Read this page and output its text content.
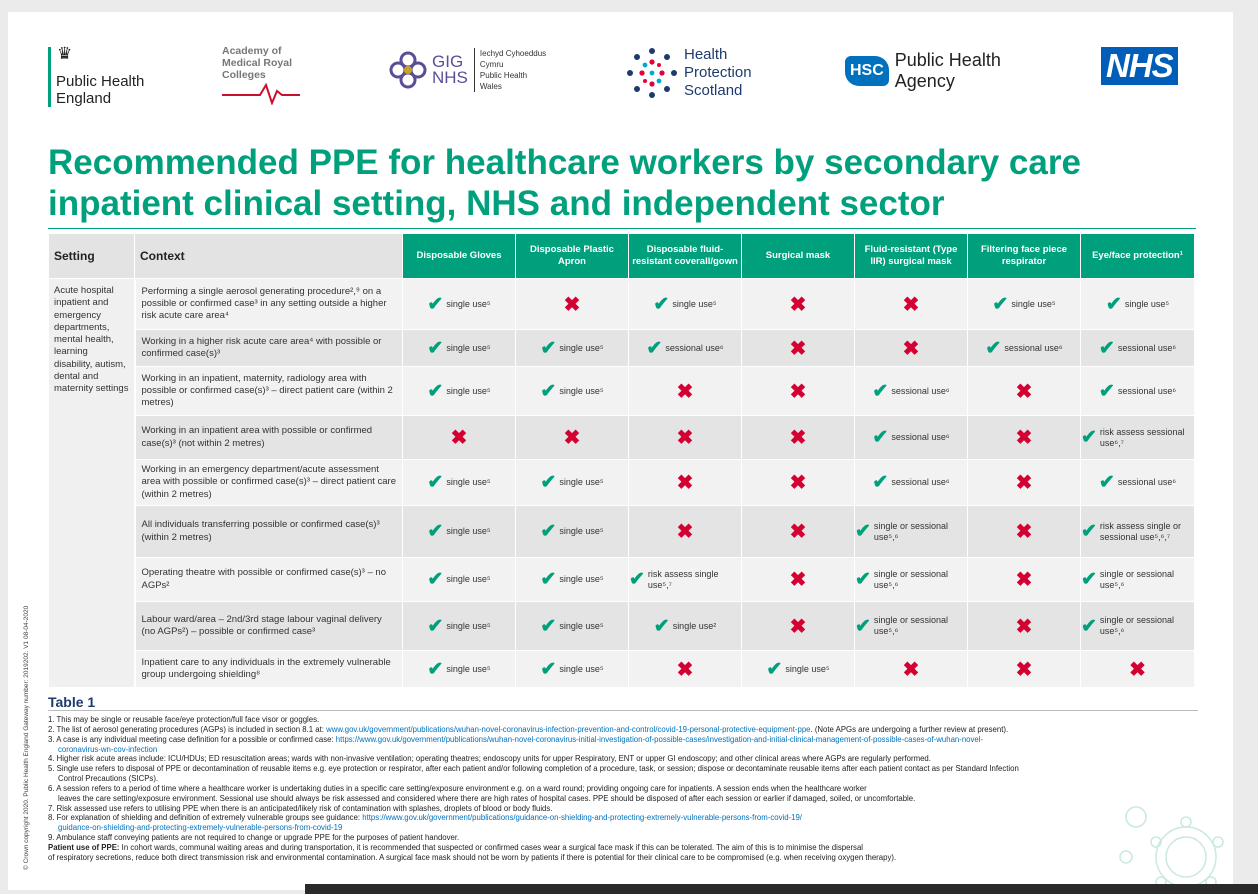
♛
Public Health
England
Academy of
Medical Royal
Colleges
GIG
NHS
Iechyd Cyhoeddus
Cymru
Public Health
Wales
Health
Protection
Scotland
HSC
Public Health
Agency	NHS
Recommended PPE for healthcare workers by secondary care inpatient clinical setting, NHS and independent sector
Setting	Context	Disposable Gloves	Disposable Plastic Apron	Disposable fluid-resistant coverall/gown	Surgical mask	Fluid-resistant (Type IIR) surgical mask	Filtering face piece respirator	Eye/face protection¹
Acute hospital inpatient and emergency departments, mental health, learning disability, autism, dental and maternity settings	Performing a single aerosol generating procedure²,⁹ on a possible or confirmed case³ in any setting outside a higher risk acute care area⁴	✔ single use⁵	✖	✔ single use⁵	✖	✖	✔ single use⁵	✔ single use⁵

	Working in a higher risk acute care area⁴ with possible or confirmed case(s)³	✔ single use⁵	✔ single use⁵	✔ sessional use⁶	✖	✖	✔ sessional use⁶	✔ sessional use⁶

	Working in an inpatient, maternity, radiology area with possible or confirmed case(s)³ – direct patient care (within 2 metres)	✔ single use⁵	✔ single use⁵	✖	✖	✔ sessional use⁶	✖	✔ sessional use⁶

	Working in an inpatient area with possible or confirmed case(s)³ (not within 2 metres)	✖	✖	✖	✖	✔ sessional use⁶	✖	✔ risk assess sessional use⁶,⁷

	Working in an emergency department/acute assessment area with possible or confirmed case(s)³ – direct patient care (within 2 metres)	✔ single use⁵	✔ single use⁵	✖	✖	✔ sessional use⁶	✖	✔ sessional use⁶

	All individuals transferring possible or confirmed case(s)³ (within 2 metres)	✔ single use⁵	✔ single use⁵	✖	✖	✔ single or sessional use⁵,⁶	✖	✔ risk assess single or sessional use⁵,⁶,⁷

	Operating theatre with possible or confirmed case(s)³ – no AGPs²	✔ single use⁵	✔ single use⁵	✔ risk assess single use⁵,⁷	✖	✔ single or sessional use⁵,⁶	✖	✔ single or sessional use⁵,⁶

	Labour ward/area – 2nd/3rd stage labour vaginal delivery (no AGPs²) – possible or confirmed case³	✔ single use⁵	✔ single use⁵	✔ single use²	✖	✔ single or sessional use⁵,⁶	✖	✔ single or sessional use⁵,⁶

	Inpatient care to any individuals in the extremely vulnerable group undergoing shielding⁸	✔ single use⁵	✔ single use⁵	✖	✔ single use⁵	✖	✖	✖
Table 1
1. This may be single or reusable face/eye protection/full face visor or goggles.
2. The list of aerosol generating procedures (AGPs) is included in section 8.1 at: www.gov.uk/government/publications/wuhan-novel-coronavirus-infection-prevention-and-control/covid-19-personal-protective-equipment-ppe. (Note APGs are undergoing a further review at present).
3. A case is any individual meeting case definition for a possible or confirmed case: https://www.gov.uk/government/publications/wuhan-novel-coronavirus-initial-investigation-of-possible-cases/investigation-and-initial-clinical-management-of-possible-cases-of-wuhan-novel-
coronavirus-wn-cov-infection
4. Higher risk acute areas include: ICU/HDUs; ED resuscitation areas; wards with non-invasive ventilation; operating theatres; endoscopy units for upper Respiratory, ENT or upper GI endoscopy; and other clinical areas where AGPs are regularly performed.
5. Single use refers to disposal of PPE or decontamination of reusable items e.g. eye protection or respirator, after each patient and/or following completion of a procedure, task, or session; dispose or decontaminate reusable items after each patient contact as per Standard Infection
Control Precautions (SICPs).
6. A session refers to a period of time where a healthcare worker is undertaking duties in a specific care setting/exposure environment e.g. on a ward round; providing ongoing care for inpatients. A session ends when the healthcare worker
leaves the care setting/exposure environment. Sessional use should always be risk assessed and considered where there are high rates of hospital cases. PPE should be disposed of after each session or earlier if damaged, soiled, or uncomfortable.
7. Risk assessed use refers to utilising PPE when there is an anticipated/likely risk of contamination with splashes, droplets of blood or body fluids.
8. For explanation of shielding and definition of extremely vulnerable groups see guidance: https://www.gov.uk/government/publications/guidance-on-shielding-and-protecting-extremely-vulnerable-persons-from-covid-19/
guidance-on-shielding-and-protecting-extremely-vulnerable-persons-from-covid-19
9. Ambulance staff conveying patients are not required to change or upgrade PPE for the purposes of patient handover.
Patient use of PPE: In cohort wards, communal waiting areas and during transportation, it is recommended that suspected or confirmed cases wear a surgical face mask if this can be tolerated. The aim of this is to minimise the dispersal
of respiratory secretions, reduce both direct transmission risk and environmental contamination. A surgical face mask should not be worn by patients if there is potential for their clinical care to be compromised (e.g. when receiving oxygen therapy).
© Crown copyright 2020. Public Health England Gateway number: 2019202. V1 08-04-2020
